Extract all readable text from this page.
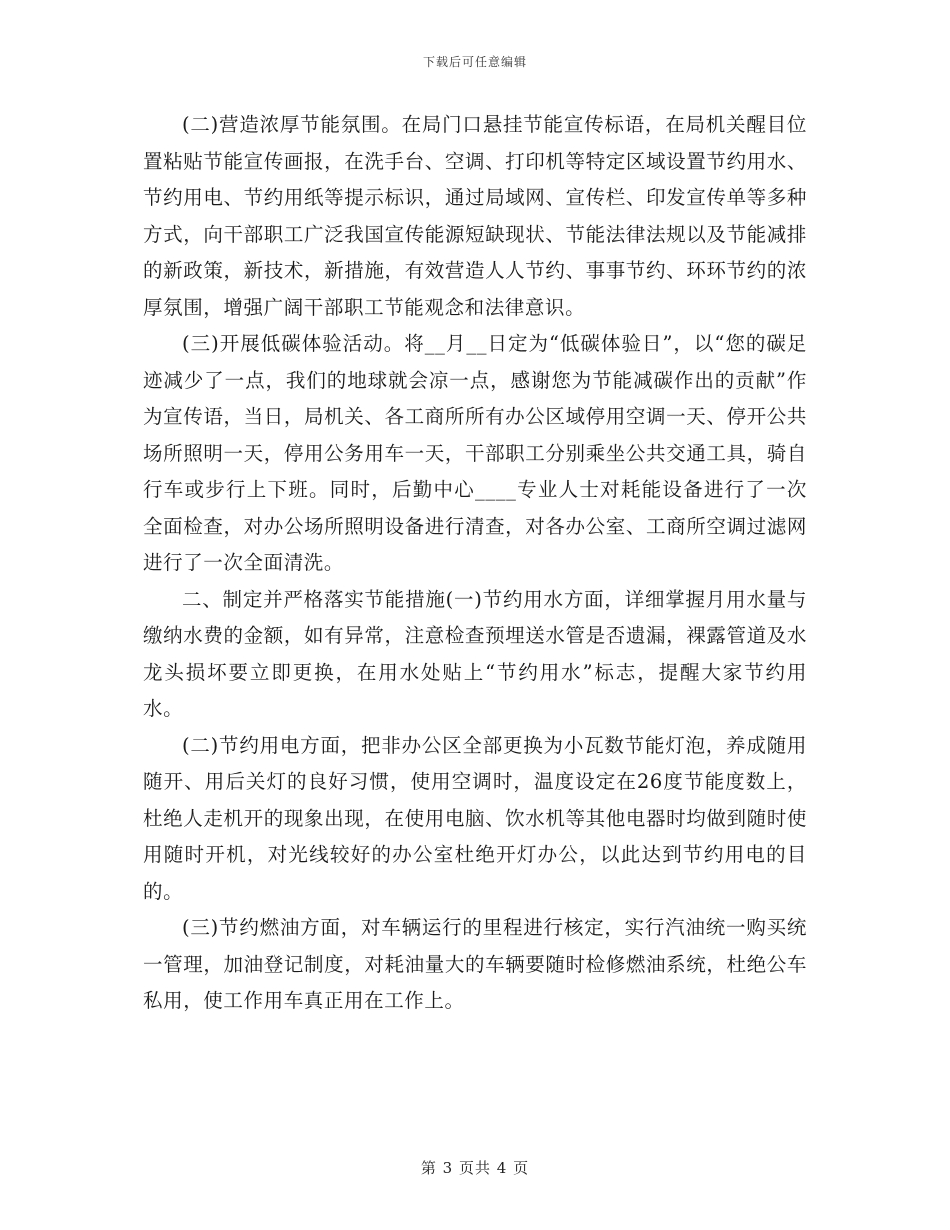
下载后可任意编辑

(二)营造浓厚节能氛围。在局门口悬挂节能宣传标语，在局机关醒目位置粘贴节能宣传画报，在洗手台、空调、打印机等特定区域设置节约用水、节约用电、节约用纸等提示标识，通过局域网、宣传栏、印发宣传单等多种方式，向干部职工广泛我国宣传能源短缺现状、节能法律法规以及节能减排的新政策，新技术，新措施，有效营造人人节约、事事节约、环环节约的浓厚氛围，增强广阔干部职工节能观念和法律意识。

(三)开展低碳体验活动。将__月__日定为“低碳体验日”，以“您的碳足迹减少了一点，我们的地球就会凉一点，感谢您为节能减碳作出的贡献”作为宣传语，当日，局机关、各工商所所有办公区域停用空调一天、停开公共场所照明一天，停用公务用车一天，干部职工分别乘坐公共交通工具，骑自行车或步行上下班。同时，后勤中心____专业人士对耗能设备进行了一次全面检查，对办公场所照明设备进行清查，对各办公室、工商所空调过滤网进行了一次全面清洗。

二、制定并严格落实节能措施(一)节约用水方面，详细掌握月用水量与缴纳水费的金额，如有异常，注意检查预埋送水管是否遗漏，裸露管道及水龙头损坏要立即更换，在用水处贴上“节约用水”标志，提醒大家节约用水。

(二)节约用电方面，把非办公区全部更换为小瓦数节能灯泡，养成随用随开、用后关灯的良好习惯，使用空调时，温度设定在26度节能度数上，杜绝人走机开的现象出现，在使用电脑、饮水机等其他电器时均做到随时使用随时开机，对光线较好的办公室杜绝开灯办公，以此达到节约用电的目的。

(三)节约燃油方面，对车辆运行的里程进行核定，实行汽油统一购买统一管理，加油登记制度，对耗油量大的车辆要随时检修燃油系统，杜绝公车私用，使工作用车真正用在工作上。

第 3 页共 4 页
